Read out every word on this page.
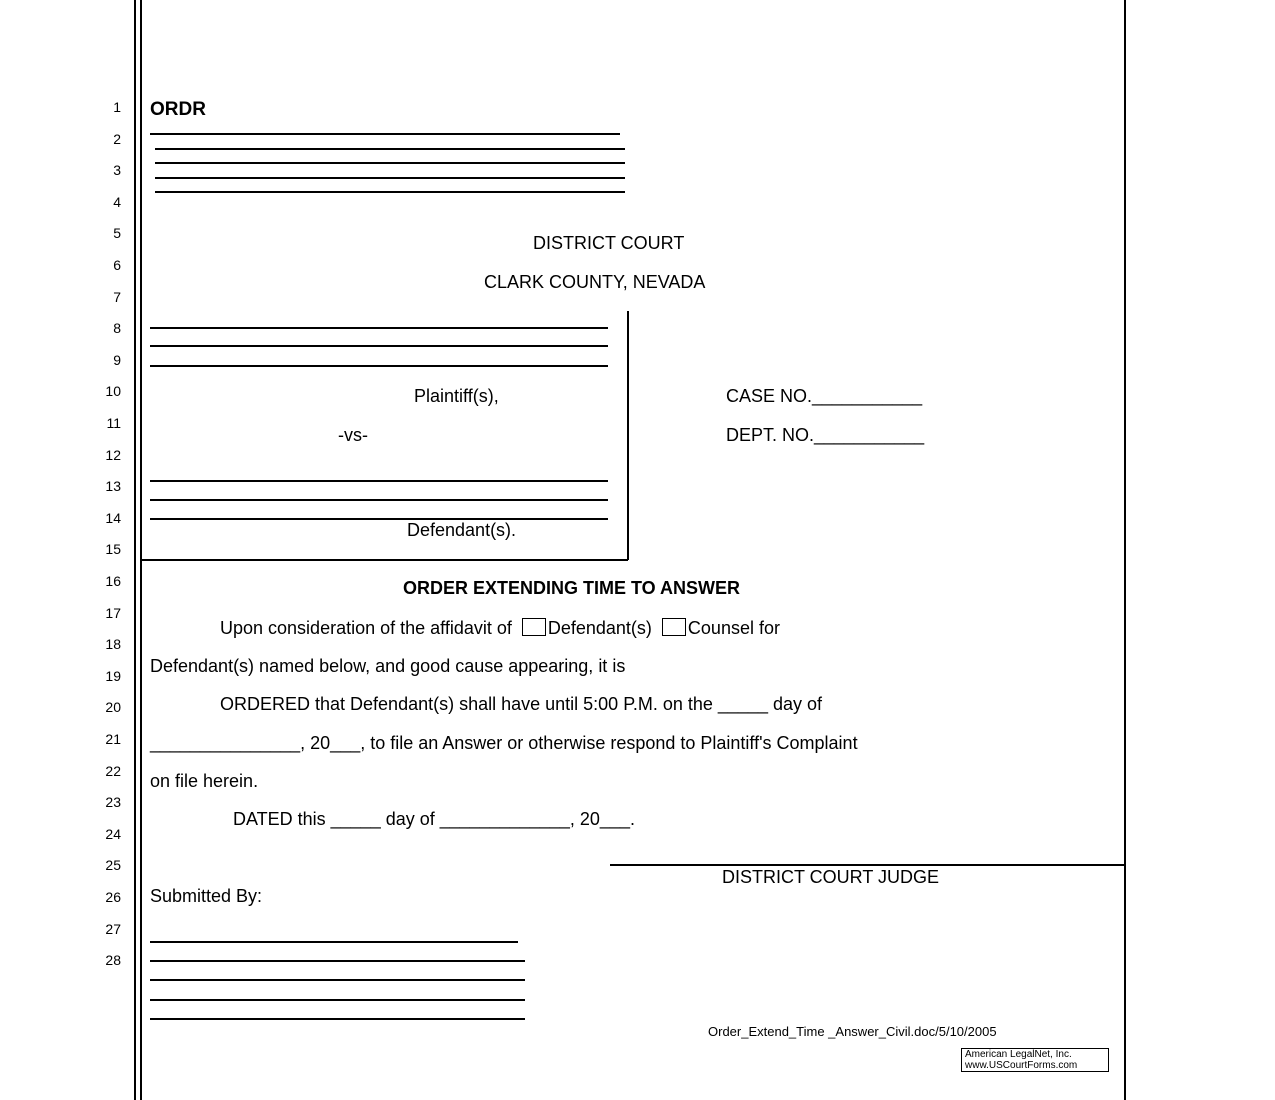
1
2
3
4
5
6
7
8
9
10
11
12
13
14
15
16
17
18
19
20
21
22
23
24
25
26
27
28
ORDR
DISTRICT COURT
CLARK COUNTY, NEVADA
Plaintiff(s),
-vs-
Defendant(s).
CASE NO.___________
DEPT. NO.___________
ORDER EXTENDING TIME TO ANSWER
Upon consideration of the affidavit of Defendant(s) Counsel for
Defendant(s) named below, and good cause appearing, it is
ORDERED that Defendant(s) shall have until 5:00 P.M. on the _____ day of
_______________, 20___, to file an Answer or otherwise respond to Plaintiff's Complaint
on file herein.
DATED this _____ day of _____________, 20___.
DISTRICT COURT JUDGE
Submitted By:
Order_Extend_Time _Answer_Civil.doc/5/10/2005
American LegalNet, Inc.
www.USCourtForms.com
